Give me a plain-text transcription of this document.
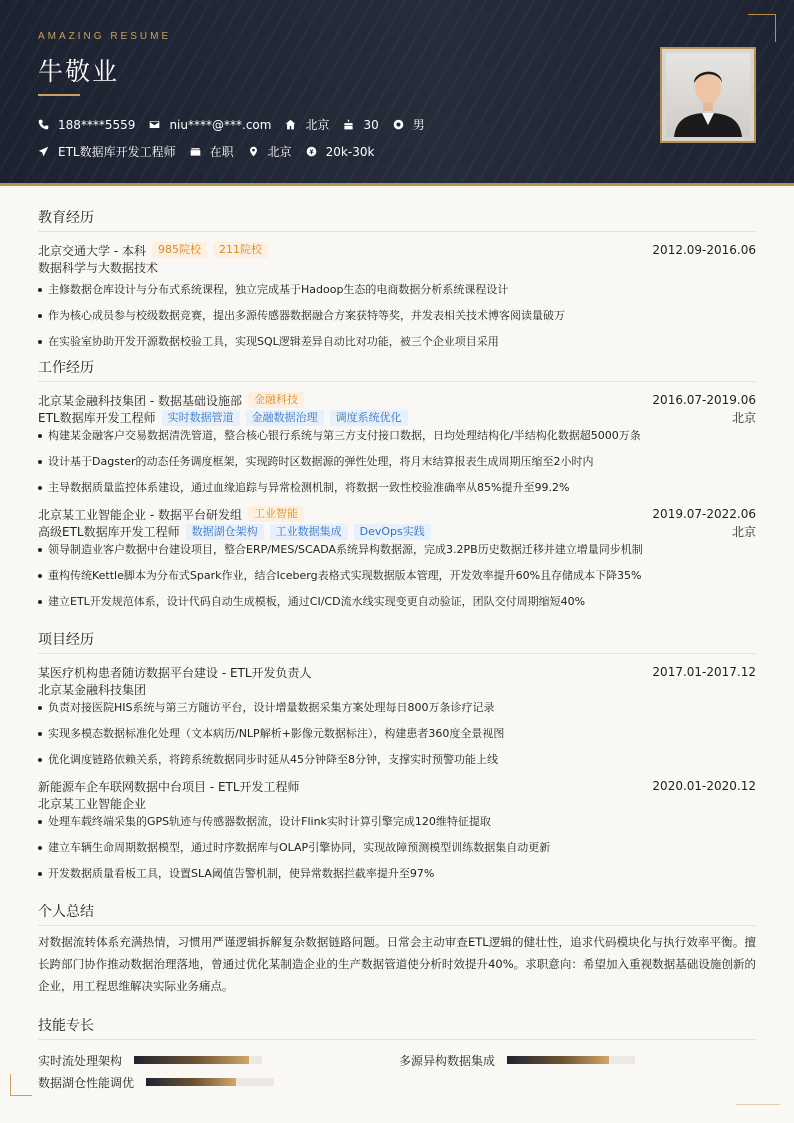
AMAZING RESUME
牛敬业
188****5559	niu****@***.com	北京	30	男
ETL数据库开发工程师	在职	北京	20k-30k
教育经历
北京交通大学 - 本科	985院校	211院校	2012.09-2016.06
数据科学与大数据技术
主修数据仓库设计与分布式系统课程，独立完成基于Hadoop生态的电商数据分析系统课程设计
作为核心成员参与校级数据竞赛，提出多源传感器数据融合方案获特等奖，并发表相关技术博客阅读量破万
在实验室协助开发开源数据校验工具，实现SQL逻辑差异自动比对功能，被三个企业项目采用
工作经历
北京某金融科技集团 - 数据基础设施部	金融科技	2016.07-2019.06
ETL数据库开发工程师	实时数据管道	金融数据治理	调度系统优化	北京
构建某金融客户交易数据清洗管道，整合核心银行系统与第三方支付接口数据，日均处理结构化/半结构化数据超5000万条
设计基于Dagster的动态任务调度框架，实现跨时区数据源的弹性处理，将月末结算报表生成周期压缩至2小时内
主导数据质量监控体系建设，通过血缘追踪与异常检测机制，将数据一致性校验准确率从85%提升至99.2%
北京某工业智能企业 - 数据平台研发组	工业智能	2019.07-2022.06
高级ETL数据库开发工程师	数据湖仓架构	工业数据集成	DevOps实践	北京
领导制造业客户数据中台建设项目，整合ERP/MES/SCADA系统异构数据源，完成3.2PB历史数据迁移并建立增量同步机制
重构传统Kettle脚本为分布式Spark作业，结合Iceberg表格式实现数据版本管理，开发效率提升60%且存储成本下降35%
建立ETL开发规范体系，设计代码自动生成模板，通过CI/CD流水线实现变更自动验证，团队交付周期缩短40%
项目经历
某医疗机构患者随访数据平台建设 - ETL开发负责人	2017.01-2017.12
北京某金融科技集团
负责对接医院HIS系统与第三方随访平台，设计增量数据采集方案处理每日800万条诊疗记录
实现多模态数据标准化处理（文本病历/NLP解析+影像元数据标注），构建患者360度全景视图
优化调度链路依赖关系，将跨系统数据同步时延从45分钟降至8分钟，支撑实时预警功能上线
新能源车企车联网数据中台项目 - ETL开发工程师	2020.01-2020.12
北京某工业智能企业
处理车载终端采集的GPS轨迹与传感器数据流，设计Flink实时计算引擎完成120维特征提取
建立车辆生命周期数据模型，通过时序数据库与OLAP引擎协同，实现故障预测模型训练数据集自动更新
开发数据质量看板工具，设置SLA阈值告警机制，使异常数据拦截率提升至97%
个人总结

对数据流转体系充满热情，习惯用严谨逻辑拆解复杂数据链路问题。日常会主动审查ETL逻辑的健壮性，追求代码模块化与执行效率平衡。擅长跨部门协作推动数据治理落地，曾通过优化某制造企业的生产数据管道使分析时效提升40%。求职意向：希望加入重视数据基础设施创新的企业，用工程思维解决实际业务痛点。

技能专长
实时流处理架构	多源异构数据集成
数据湖仓性能调优
